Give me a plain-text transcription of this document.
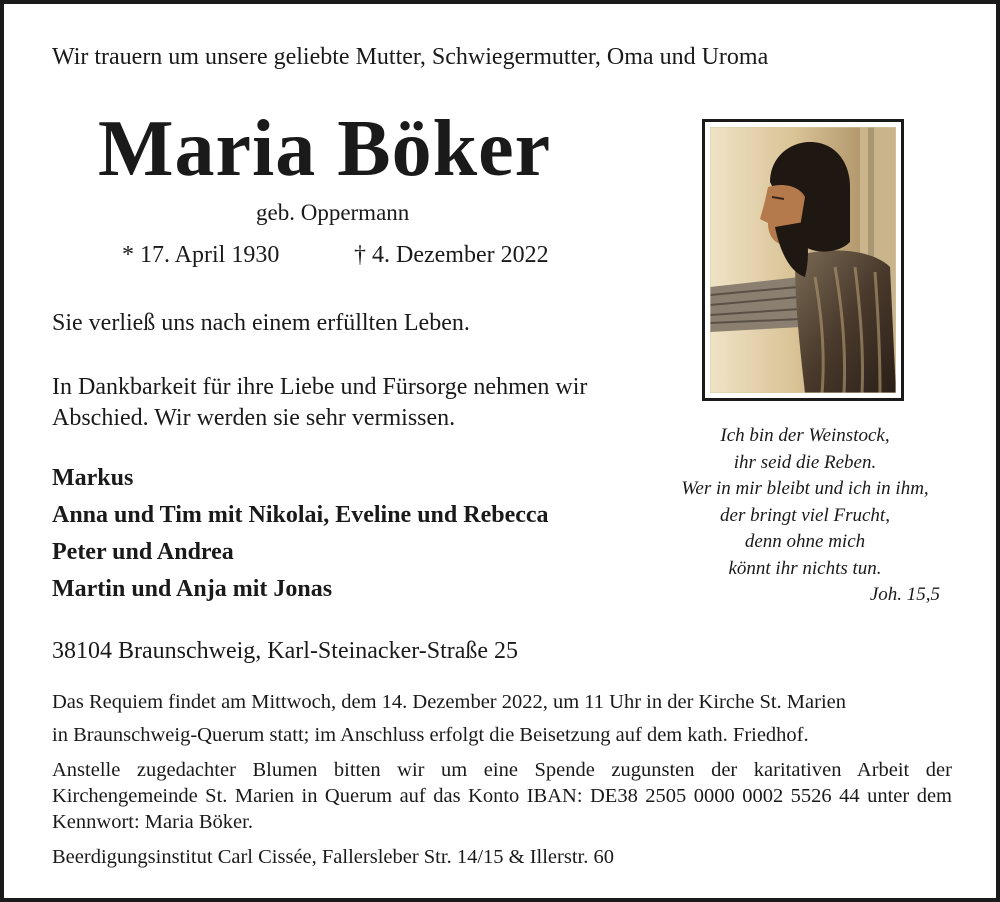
Wir trauern um unsere geliebte Mutter, Schwiegermutter, Oma und Uroma
Maria Böker
geb. Oppermann
* 17. April 1930	† 4. Dezember 2022
Sie verließ uns nach einem erfüllten Leben.
In Dankbarkeit für ihre Liebe und Fürsorge nehmen wir Abschied. Wir werden sie sehr vermissen.
Markus
Anna und Tim mit Nikolai, Eveline und Rebecca
Peter und Andrea
Martin und Anja mit Jonas
38104 Braunschweig, Karl-Steinacker-Straße 25
Das Requiem findet am Mittwoch, dem 14. Dezember 2022, um 11 Uhr in der Kirche St. Marien
in Braunschweig-Querum statt; im Anschluss erfolgt die Beisetzung auf dem kath. Friedhof.
Anstelle zugedachter Blumen bitten wir um eine Spende zugunsten der karitativen Arbeit der Kirchengemeinde St. Marien in Querum auf das Konto IBAN: DE38 2505 0000 0002 5526 44 unter dem Kennwort: Maria Böker.
Beerdigungsinstitut Carl Cissée, Fallersleber Str. 14/15 & Illerstr. 60
Ich bin der Weinstock,
ihr seid die Reben.
Wer in mir bleibt und ich in ihm,
der bringt viel Frucht,
denn ohne mich
könnt ihr nichts tun.
Joh. 15,5
